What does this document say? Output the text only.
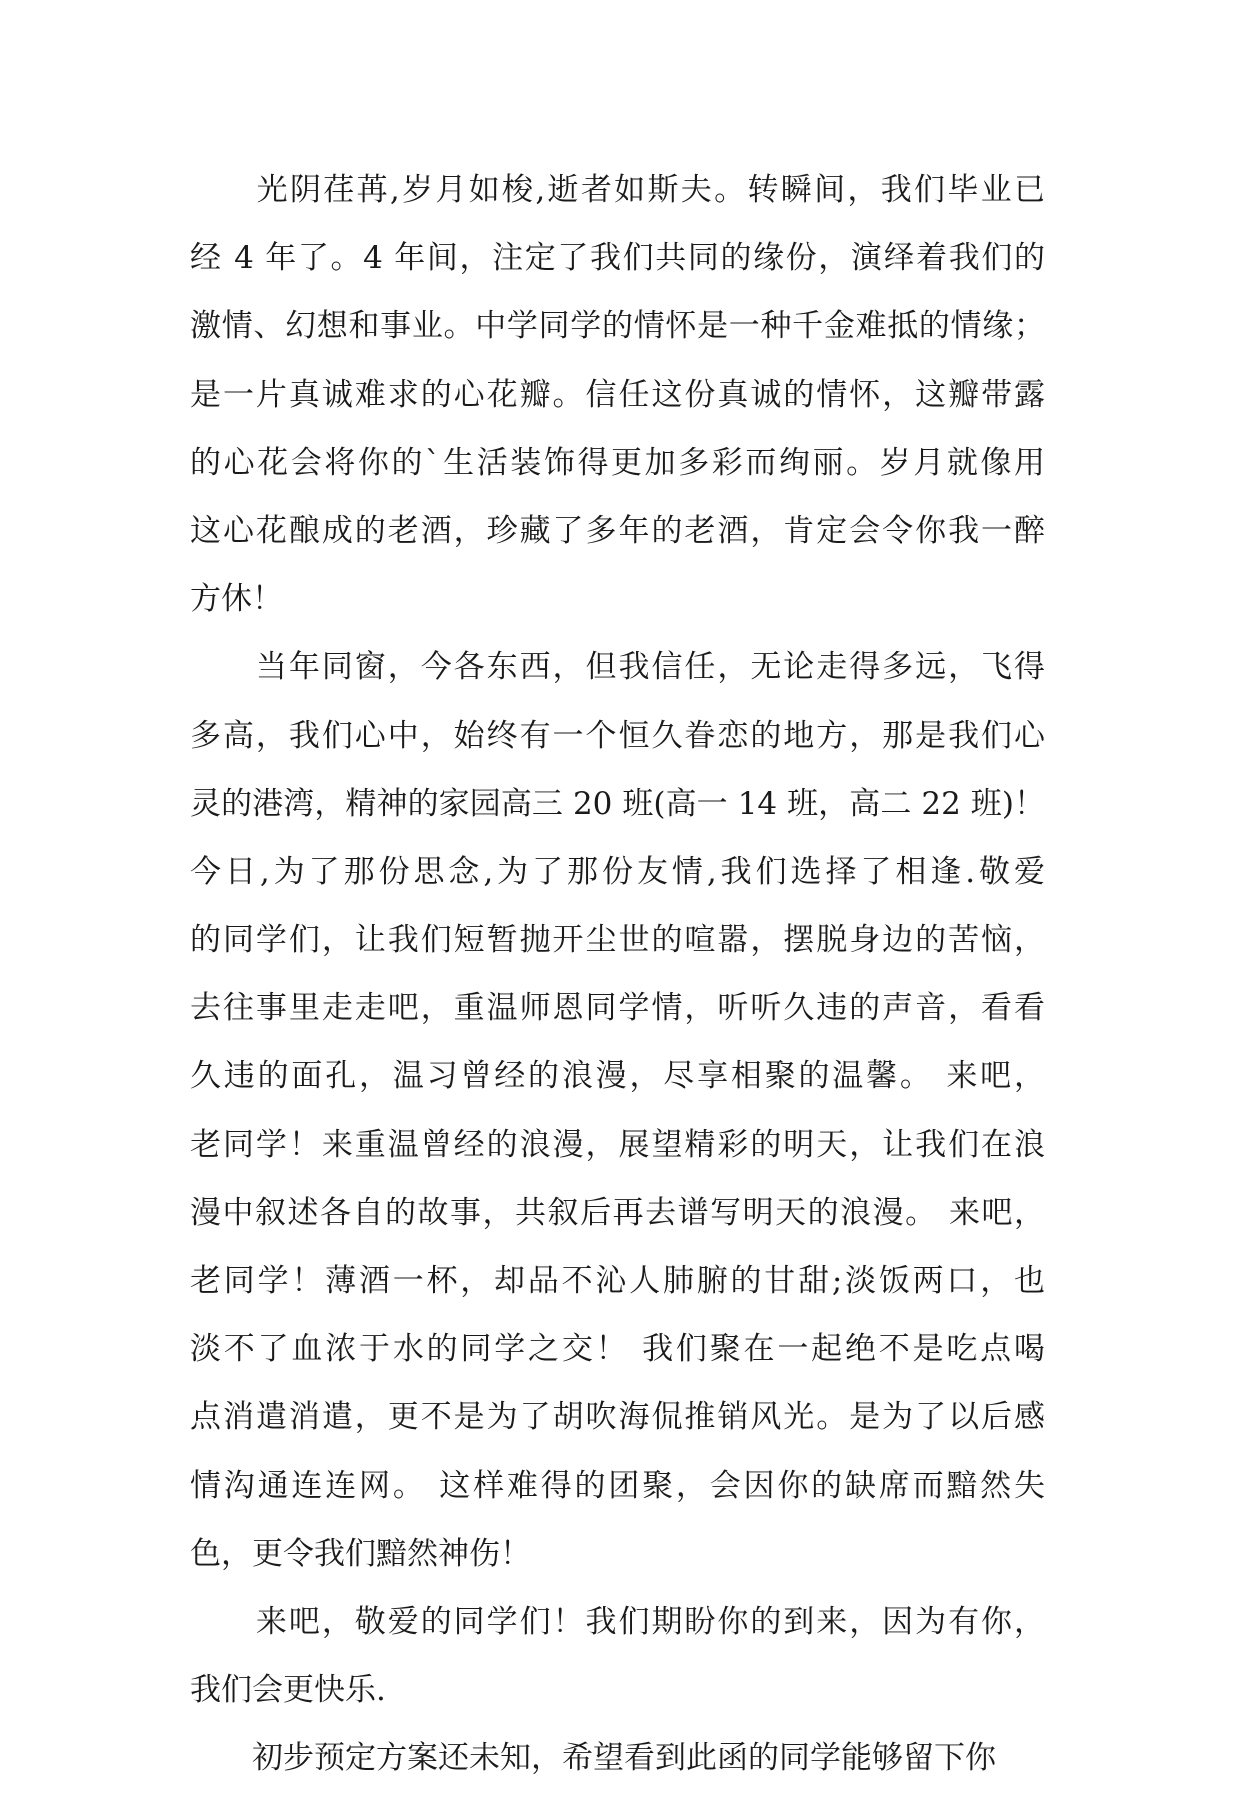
　　光阴荏苒,岁月如梭,逝者如斯夫。转瞬间，我们毕业已
经 4 年了。4 年间，注定了我们共同的缘份，演绎着我们的
激情、幻想和事业。中学同学的情怀是一种千金难抵的情缘；
是一片真诚难求的心花瓣。信任这份真诚的情怀，这瓣带露
的心花会将你的`生活装饰得更加多彩而绚丽。岁月就像用
这心花酿成的老酒，珍藏了多年的老酒，肯定会令你我一醉
方休！
　　当年同窗，今各东西，但我信任，无论走得多远，飞得
多高，我们心中，始终有一个恒久眷恋的地方，那是我们心
灵的港湾，精神的家园高三 20 班(高一 14 班，高二 22 班)！
今日,为了那份思念,为了那份友情,我们选择了相逢.敬爱
的同学们，让我们短暂抛开尘世的喧嚣，摆脱身边的苦恼，
去往事里走走吧，重温师恩同学情，听听久违的声音，看看
久违的面孔，温习曾经的浪漫，尽享相聚的温馨。 来吧，
老同学！来重温曾经的浪漫，展望精彩的明天，让我们在浪
漫中叙述各自的故事，共叙后再去谱写明天的浪漫。 来吧，
老同学！薄酒一杯，却品不沁人肺腑的甘甜;淡饭两口，也
淡不了血浓于水的同学之交！ 我们聚在一起绝不是吃点喝
点消遣消遣，更不是为了胡吹海侃推销风光。是为了以后感
情沟通连连网。 这样难得的团聚，会因你的缺席而黯然失
色，更令我们黯然神伤！
　　来吧，敬爱的同学们！我们期盼你的到来，因为有你，
我们会更快乐.
　　初步预定方案还未知，希望看到此函的同学能够留下你
